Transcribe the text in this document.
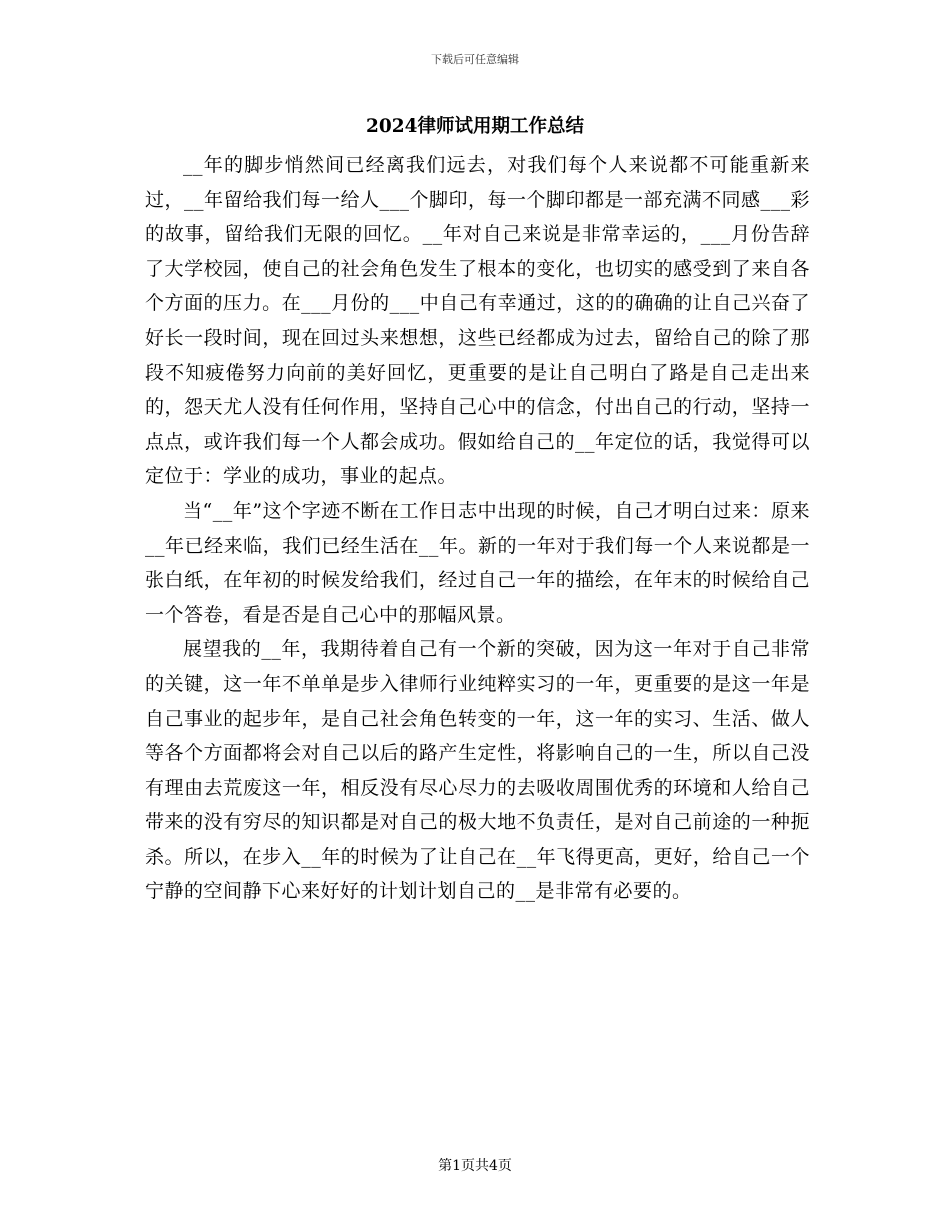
下载后可任意编辑
2024律师试用期工作总结

__年的脚步悄然间已经离我们远去，对我们每个人来说都不可能重新来过，__年留给我们每一给人___个脚印，每一个脚印都是一部充满不同感___彩的故事，留给我们无限的回忆。__年对自己来说是非常幸运的，___月份告辞了大学校园，使自己的社会角色发生了根本的变化，也切实的感受到了来自各个方面的压力。在___月份的___中自己有幸通过，这的的确确的让自己兴奋了好长一段时间，现在回过头来想想，这些已经都成为过去，留给自己的除了那段不知疲倦努力向前的美好回忆，更重要的是让自己明白了路是自己走出来的，怨天尤人没有任何作用，坚持自己心中的信念，付出自己的行动，坚持一点点，或许我们每一个人都会成功。假如给自己的__年定位的话，我觉得可以定位于：学业的成功，事业的起点。

当“__年”这个字迹不断在工作日志中出现的时候，自己才明白过来：原来__年已经来临，我们已经生活在__年。新的一年对于我们每一个人来说都是一张白纸，在年初的时候发给我们，经过自己一年的描绘，在年末的时候给自己一个答卷，看是否是自己心中的那幅风景。

展望我的__年，我期待着自己有一个新的突破，因为这一年对于自己非常的关键，这一年不单单是步入律师行业纯粹实习的一年，更重要的是这一年是自己事业的起步年，是自己社会角色转变的一年，这一年的实习、生活、做人等各个方面都将会对自己以后的路产生定性，将影响自己的一生，所以自己没有理由去荒废这一年，相反没有尽心尽力的去吸收周围优秀的环境和人给自己带来的没有穷尽的知识都是对自己的极大地不负责任，是对自己前途的一种扼杀。所以，在步入__年的时候为了让自己在__年飞得更高，更好，给自己一个宁静的空间静下心来好好的计划计划自己的__是非常有必要的。

第1页共4页
